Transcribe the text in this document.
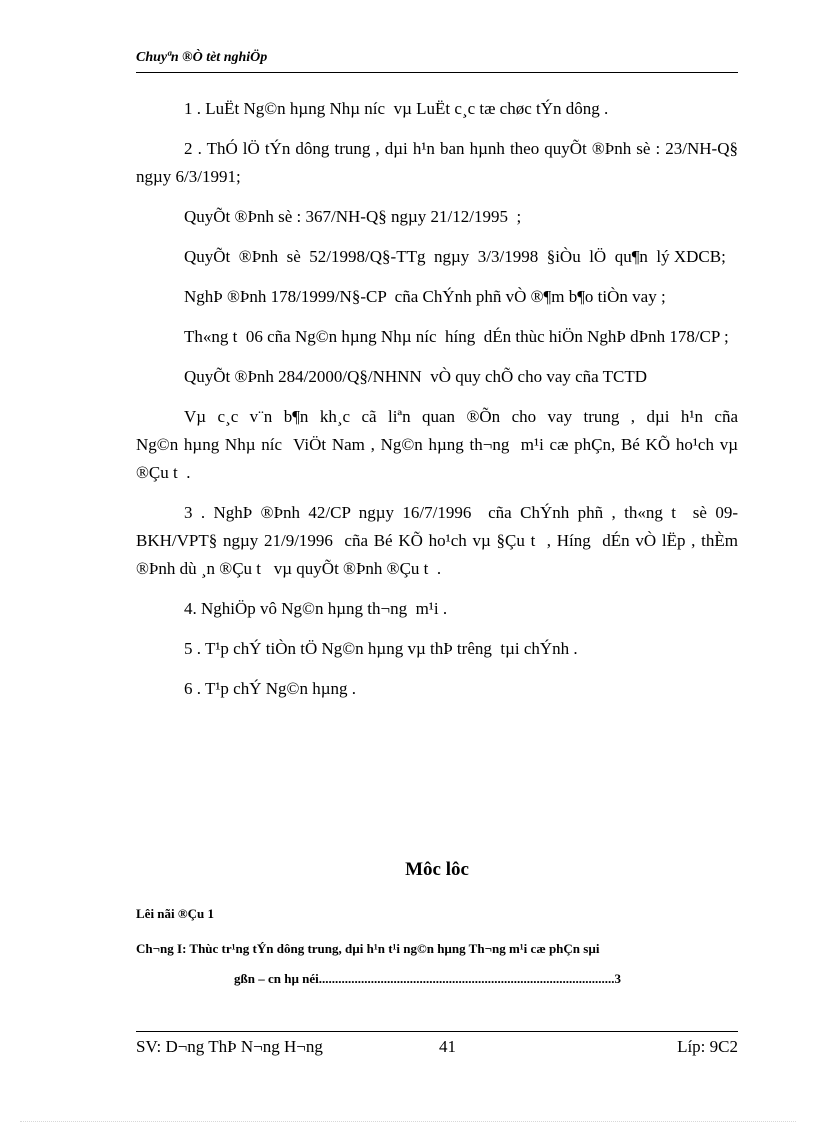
Chuyªn ®Ò tèt nghiÖp

1 . LuËt Ng©n hµng Nhµ níc  vµ LuËt c¸c tæ chøc tÝn dông .

2 . ThÓ lÖ tÝn dông trung , dµi h¹n ban hµnh theo quyÕt ®Þnh sè : 23/NH-Q§ ngµy 6/3/1991;

QuyÕt ®Þnh sè : 367/NH-Q§ ngµy 21/12/1995  ;

QuyÕt  ®Þnh  sè  52/1998/Q§-TTg  ngµy  3/3/1998  §iÒu  lÖ  qu¶n  lý XDCB;

NghÞ ®Þnh 178/1999/N§-CP  cña ChÝnh phñ vÒ ®¶m b¶o tiÒn vay ;

Th«ng t  06 cña Ng©n hµng Nhµ níc  híng  dÉn thùc hiÖn NghÞ dÞnh 178/CP ;

QuyÕt ®Þnh 284/2000/Q§/NHNN  vÒ quy chÕ cho vay cña TCTD

Vµ  c¸c  v¨n  b¶n  kh¸c  cã  liªn  quan  ®Õn  cho  vay  trung  ,  dµi  h¹n  cña Ng©n hµng Nhµ níc  ViÖt Nam , Ng©n hµng th¬ng  m¹i cæ phÇn, Bé KÕ ho¹ch vµ ®Çu t  .

3 . NghÞ ®Þnh 42/CP ngµy 16/7/1996  cña ChÝnh phñ , th«ng t  sè 09-BKH/VPT§ ngµy 21/9/1996  cña Bé KÕ ho¹ch vµ §Çu t  , Híng  dÉn vÒ lËp , thÈm ®Þnh dù ¸n ®Çu t   vµ quyÕt ®Þnh ®Çu t  .

4. NghiÖp vô Ng©n hµng th¬ng  m¹i .

5 . T¹p chÝ tiÒn tÖ Ng©n hµng vµ thÞ trêng  tµi chÝnh .

6 . T¹p chÝ Ng©n hµng .

Môc lôc
Lêi nãi ®Çu 1
Ch¬ng I: Thùc tr¹ng tÝn dông trung, dµi h¹n t¹i ng©n hµng Th¬ng m¹i cæ phÇn sµi
gßn – cn hµ néi...........................................................................................3
SV: D¬ng ThÞ N¬ng H¬ng	41	Líp: 9C2
